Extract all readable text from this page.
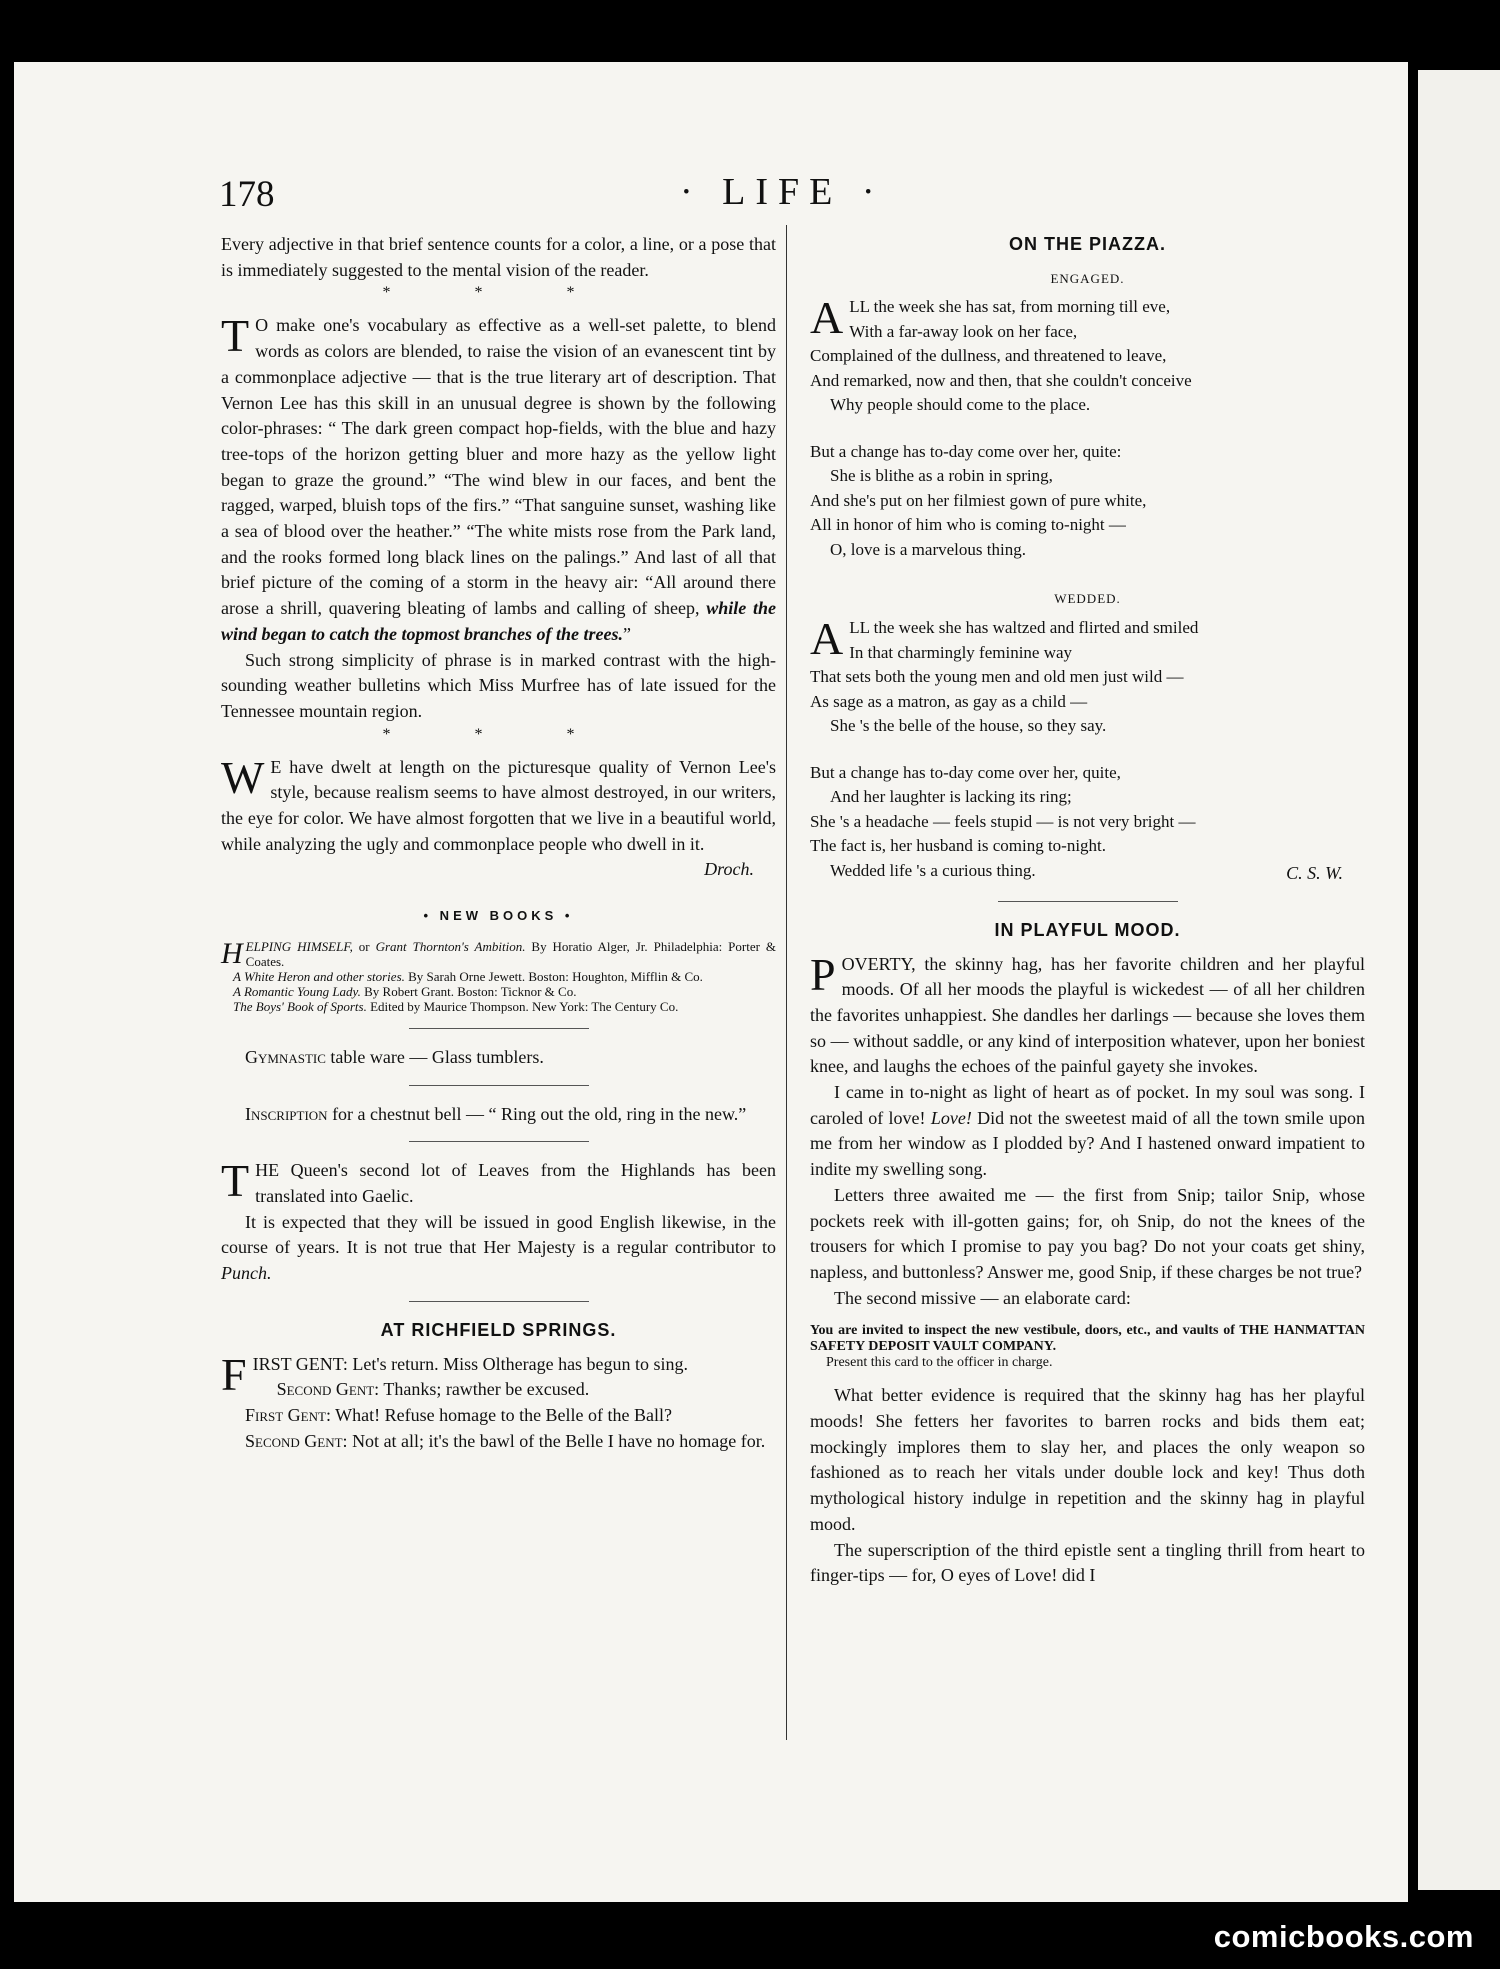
178	· LIFE ·

Every adjective in that brief sentence counts for a color, a line, or a pose that is immediately suggested to the mental vision of the reader.

* * *

T O make one's vocabulary as effective as a well-set palette, to blend words as colors are blended, to raise the vision of an evanescent tint by a commonplace adjective — that is the true literary art of description. That Vernon Lee has this skill in an unusual degree is shown by the following color-phrases: “ The dark green compact hop-fields, with the blue and hazy tree-tops of the horizon getting bluer and more hazy as the yellow light began to graze the ground.” “The wind blew in our faces, and bent the ragged, warped, bluish tops of the firs.” “That sanguine sunset, washing like a sea of blood over the heather.” “The white mists rose from the Park land, and the rooks formed long black lines on the palings.” And last of all that brief picture of the coming of a storm in the heavy air: “All around there arose a shrill, quavering bleating of lambs and calling of sheep, while the wind began to catch the topmost branches of the trees.”

Such strong simplicity of phrase is in marked contrast with the high-sounding weather bulletins which Miss Murfree has of late issued for the Tennessee mountain region.

* * *

W E have dwelt at length on the picturesque quality of Vernon Lee's style, because realism seems to have almost destroyed, in our writers, the eye for color. We have almost forgotten that we live in a beautiful world, while analyzing the ugly and commonplace people who dwell in it.

Droch.

• NEW BOOKS •

HELPING HIMSELF, or Grant Thornton's Ambition. By Horatio Alger, Jr. Philadelphia: Porter & Coates.

A White Heron and other stories. By Sarah Orne Jewett. Boston: Houghton, Mifflin & Co.

A Romantic Young Lady. By Robert Grant. Boston: Ticknor & Co.

The Boys' Book of Sports. Edited by Maurice Thompson. New York: The Century Co.

Gymnastic table ware — Glass tumblers.

Inscription for a chestnut bell — “ Ring out the old, ring in the new.”

THE Queen's second lot of Leaves from the Highlands has been translated into Gaelic.

It is expected that they will be issued in good English likewise, in the course of years. It is not true that Her Majesty is a regular contributor to Punch.

AT RICHFIELD SPRINGS.

FIRST GENT: Let's return. Miss Oltherage has begun to sing.

Second Gent: Thanks; rawther be excused.

First Gent: What! Refuse homage to the Belle of the Ball?

Second Gent: Not at all; it's the bawl of the Belle I have no homage for.

ON THE PIAZZA.
ENGAGED.
ALL the week she has sat, from morning till eve,
With a far-away look on her face,
Complained of the dullness, and threatened to leave,
And remarked, now and then, that she couldn't conceive
Why people should come to the place.
But a change has to-day come over her, quite:
She is blithe as a robin in spring,
And she's put on her filmiest gown of pure white,
All in honor of him who is coming to-night —
O, love is a marvelous thing.
WEDDED.
ALL the week she has waltzed and flirted and smiled
In that charmingly feminine way
That sets both the young men and old men just wild —
As sage as a matron, as gay as a child —
She 's the belle of the house, so they say.
But a change has to-day come over her, quite,
And her laughter is lacking its ring;
She 's a headache — feels stupid — is not very bright —
The fact is, her husband is coming to-night.
Wedded life 's a curious thing.	C. S. W.

IN PLAYFUL MOOD.

POVERTY, the skinny hag, has her favorite children and her playful moods. Of all her moods the playful is wickedest — of all her children the favorites unhappiest. She dandles her darlings — because she loves them so — without saddle, or any kind of interposition whatever, upon her boniest knee, and laughs the echoes of the painful gayety she invokes.

I came in to-night as light of heart as of pocket. In my soul was song. I caroled of love! Love! Did not the sweetest maid of all the town smile upon me from her window as I plodded by? And I hastened onward impatient to indite my swelling song.

Letters three awaited me — the first from Snip; tailor Snip, whose pockets reek with ill-gotten gains; for, oh Snip, do not the knees of the trousers for which I promise to pay you bag? Do not your coats get shiny, napless, and buttonless? Answer me, good Snip, if these charges be not true?

The second missive — an elaborate card:

You are invited to inspect the new vestibule, doors, etc., and vaults of THE HANMATTAN SAFETY DEPOSIT VAULT COMPANY.
Present this card to the officer in charge.

What better evidence is required that the skinny hag has her playful moods! She fetters her favorites to barren rocks and bids them eat; mockingly implores them to slay her, and places the only weapon so fashioned as to reach her vitals under double lock and key! Thus doth mythological history indulge in repetition and the skinny hag in playful mood.

The superscription of the third epistle sent a tingling thrill from heart to finger-tips — for, O eyes of Love! did I

comicbooks.com
